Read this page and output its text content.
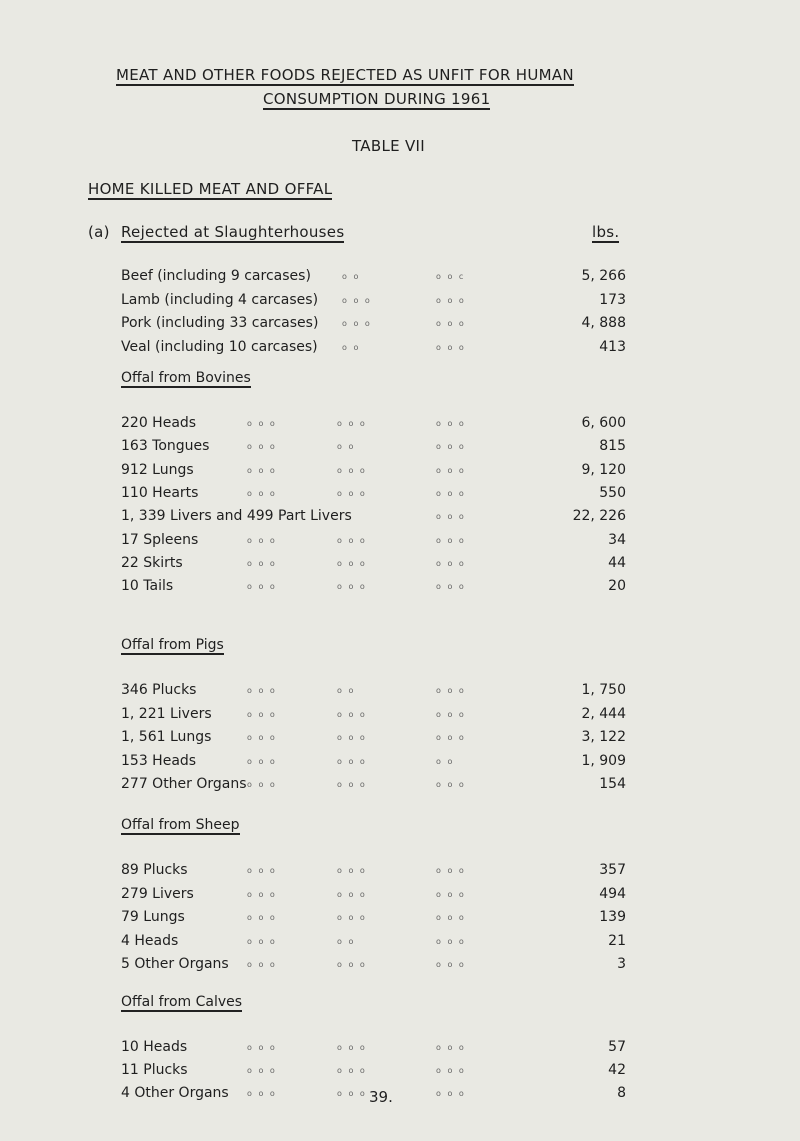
MEAT AND OTHER FOODS REJECTED AS UNFIT FOR HUMAN
CONSUMPTION DURING 1961
TABLE VII
HOME KILLED MEAT AND OFFAL
(a) Rejected at Slaughterhouses	lbs.
Beef (including 9 carcases)	o o	o o c	5, 266
Lamb (including 4 carcases)	o o o	o o o	173
Pork (including 33 carcases)	o o o	o o o	4, 888
Veal (including 10 carcases)	o o	o o o	413
Offal from Bovines
220 Heads	o o o	o o o	o o o	6, 600
163 Tongues	o o o	o o	o o o	815
912 Lungs	o o o	o o o	o o o	9, 120
110 Hearts	o o o	o o o	o o o	550
1, 339 Livers and 499 Part Livers	o o o	22, 226
17 Spleens	o o o	o o o	o o o	34
22 Skirts	o o o	o o o	o o o	44
10 Tails	o o o	o o o	o o o	20
Offal from Pigs
346 Plucks	o o o	o o	o o o	1, 750
1, 221 Livers	o o o	o o o	o o o	2, 444
1, 561 Lungs	o o o	o o o	o o o	3, 122
153 Heads	o o o	o o o	o o	1, 909
277 Other Organs o o o	o o o	o o o	154
Offal from Sheep
89 Plucks	o o o	o o o	o o o	357
279 Livers	o o o	o o o	o o o	494
79 Lungs	o o o	o o o	o o o	139
4 Heads	o o o	o o	o o o	21
5 Other Organs o o o	o o o	o o o	3
Offal from Calves
10 Heads	o o o	o o o	o o o	57
11 Plucks	o o o	o o o	o o o	42
4 Other Organs o o o	o o o	o o o	8
39.
